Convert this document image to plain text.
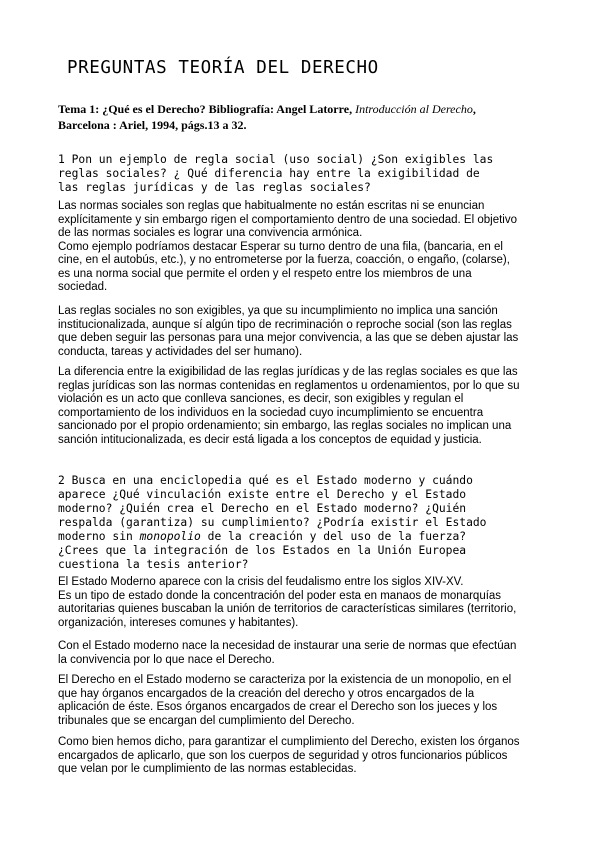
PREGUNTAS TEORÍA DEL DERECHO
Tema 1: ¿Qué es el Derecho? Bibliografía: Angel Latorre, Introducción al Derecho,
Barcelona : Ariel, 1994, págs.13 a 32.
1 Pon un ejemplo de regla social (uso social) ¿Son exigibles las
reglas sociales? ¿ Qué diferencia hay entre la exigibilidad de
las reglas jurídicas y de las reglas sociales?
Las normas sociales son reglas que habitualmente no están escritas ni se enuncian
explícitamente y sin embargo rigen el comportamiento dentro de una sociedad. El objetivo
de las normas sociales es lograr una convivencia armónica.
Como ejemplo podríamos destacar Esperar su turno dentro de una fila, (bancaria, en el
cine, en el autobús, etc.), y no entrometerse por la fuerza, coacción, o engaño, (colarse),
es una norma social que permite el orden y el respeto entre los miembros de una
sociedad.
Las reglas sociales no son exigibles, ya que su incumplimiento no implica una sanción
institucionalizada, aunque sí algún tipo de recriminación o reproche social (son las reglas
que deben seguir las personas para una mejor convivencia, a las que se deben ajustar las
conducta, tareas y actividades del ser humano).
La diferencia entre la exigibilidad de las reglas jurídicas y de las reglas sociales es que las
reglas jurídicas son las normas contenidas en reglamentos u ordenamientos, por lo que su
violación es un acto que conlleva sanciones, es decir, son exigibles y regulan el
comportamiento de los individuos en la sociedad cuyo incumplimiento se encuentra
sancionado por el propio ordenamiento; sin embargo, las reglas sociales no implican una
sanción intitucionalizada, es decir está ligada a los conceptos de equidad y justicia.
2 Busca en una enciclopedia qué es el Estado moderno y cuándo
aparece ¿Qué vinculación existe entre el Derecho y el Estado
moderno? ¿Quién crea el Derecho en el Estado moderno? ¿Quién
respalda (garantiza) su cumplimiento? ¿Podría existir el Estado
moderno sin monopolio de la creación y del uso de la fuerza?
¿Crees que la integración de los Estados en la Unión Europea
cuestiona la tesis anterior?
El Estado Moderno aparece con la crisis del feudalismo entre los siglos XIV-XV.
Es un tipo de estado donde la concentración del poder esta en manaos de monarquías
autoritarias quienes buscaban la unión de territorios de características similares (territorio,
organización, intereses comunes y habitantes).
Con el Estado moderno nace la necesidad de instaurar una serie de normas que efectúan
la convivencia por lo que nace el Derecho.
El Derecho en el Estado moderno se caracteriza por la existencia de un monopolio, en el
que hay órganos encargados de la creación del derecho y otros encargados de la
aplicación de éste. Esos órganos encargados de crear el Derecho son los jueces y los
tribunales que se encargan del cumplimiento del Derecho.
Como bien hemos dicho, para garantizar el cumplimiento del Derecho, existen los órganos
encargados de aplicarlo, que son los cuerpos de seguridad y otros funcionarios públicos
que velan por le cumplimiento de las normas establecidas.
